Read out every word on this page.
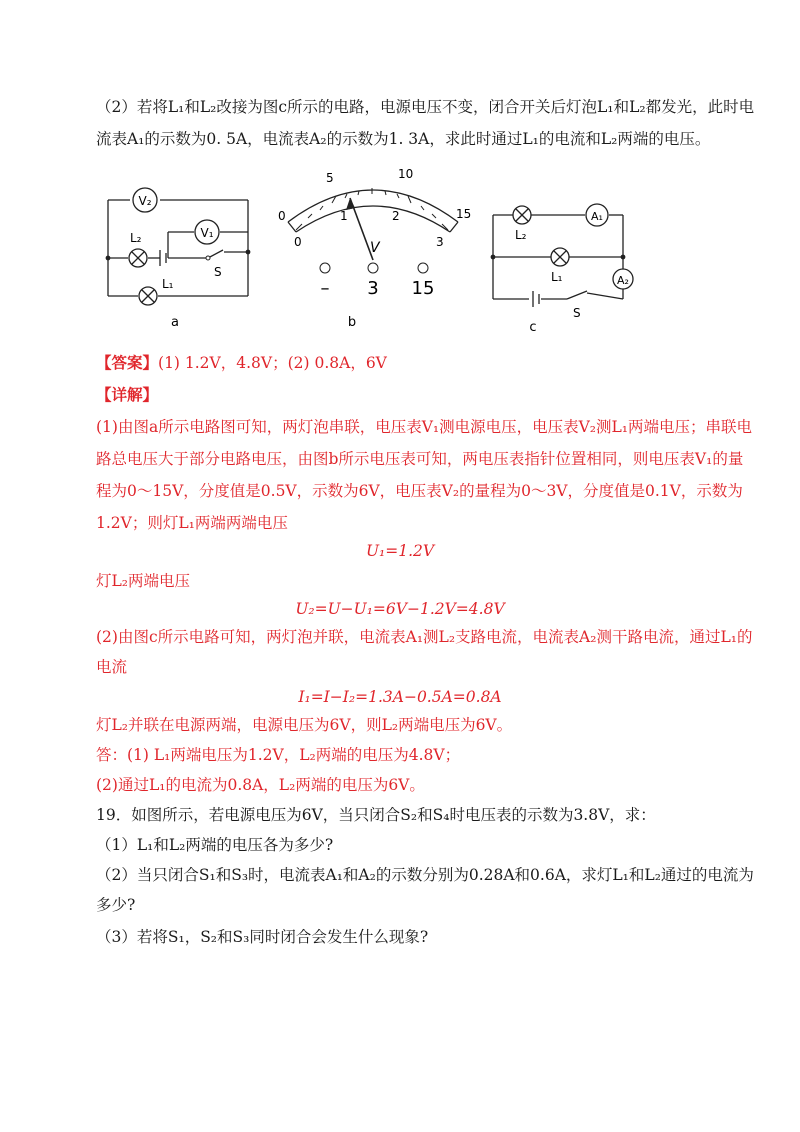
（2）若将L₁和L₂改接为图c所示的电路，电源电压不变，闭合开关后灯泡L₁和L₂都发光，此时电
流表A₁的示数为0. 5A，电流表A₂的示数为1. 3A，求此时通过L₁的电流和L₂两端的电压。
V₂
V₁
L₂
L₁
S
a
0
5	10
15
0
1	2
3
V
– 3 15
b
A₁
A₂
L₂
L₁
S
c
【答案】(1) 1.2V，4.8V；(2) 0.8A，6V
【详解】
(1)由图a所示电路图可知，两灯泡串联，电压表V₁测电源电压，电压表V₂测L₁两端电压；串联电
路总电压大于部分电路电压，由图b所示电压表可知，两电压表指针位置相同，则电压表V₁的量
程为0～15V，分度值是0.5V，示数为6V，电压表V₂的量程为0～3V，分度值是0.1V，示数为
1.2V；则灯L₁两端两端电压
U₁=1.2V
灯L₂两端电压
U₂=U−U₁=6V−1.2V=4.8V
(2)由图c所示电路可知，两灯泡并联，电流表A₁测L₂支路电流，电流表A₂测干路电流，通过L₁的
电流
I₁=I−I₂=1.3A−0.5A=0.8A
灯L₂并联在电源两端，电源电压为6V，则L₂两端电压为6V。
答：(1) L₁两端电压为1.2V，L₂两端的电压为4.8V；
(2)通过L₁的电流为0.8A，L₂两端的电压为6V。
19．如图所示，若电源电压为6V，当只闭合S₂和S₄时电压表的示数为3.8V，求：
（1）L₁和L₂两端的电压各为多少?
（2）当只闭合S₁和S₃时，电流表A₁和A₂的示数分别为0.28A和0.6A，求灯L₁和L₂通过的电流为
多少?
（3）若将S₁，S₂和S₃同时闭合会发生什么现象?
